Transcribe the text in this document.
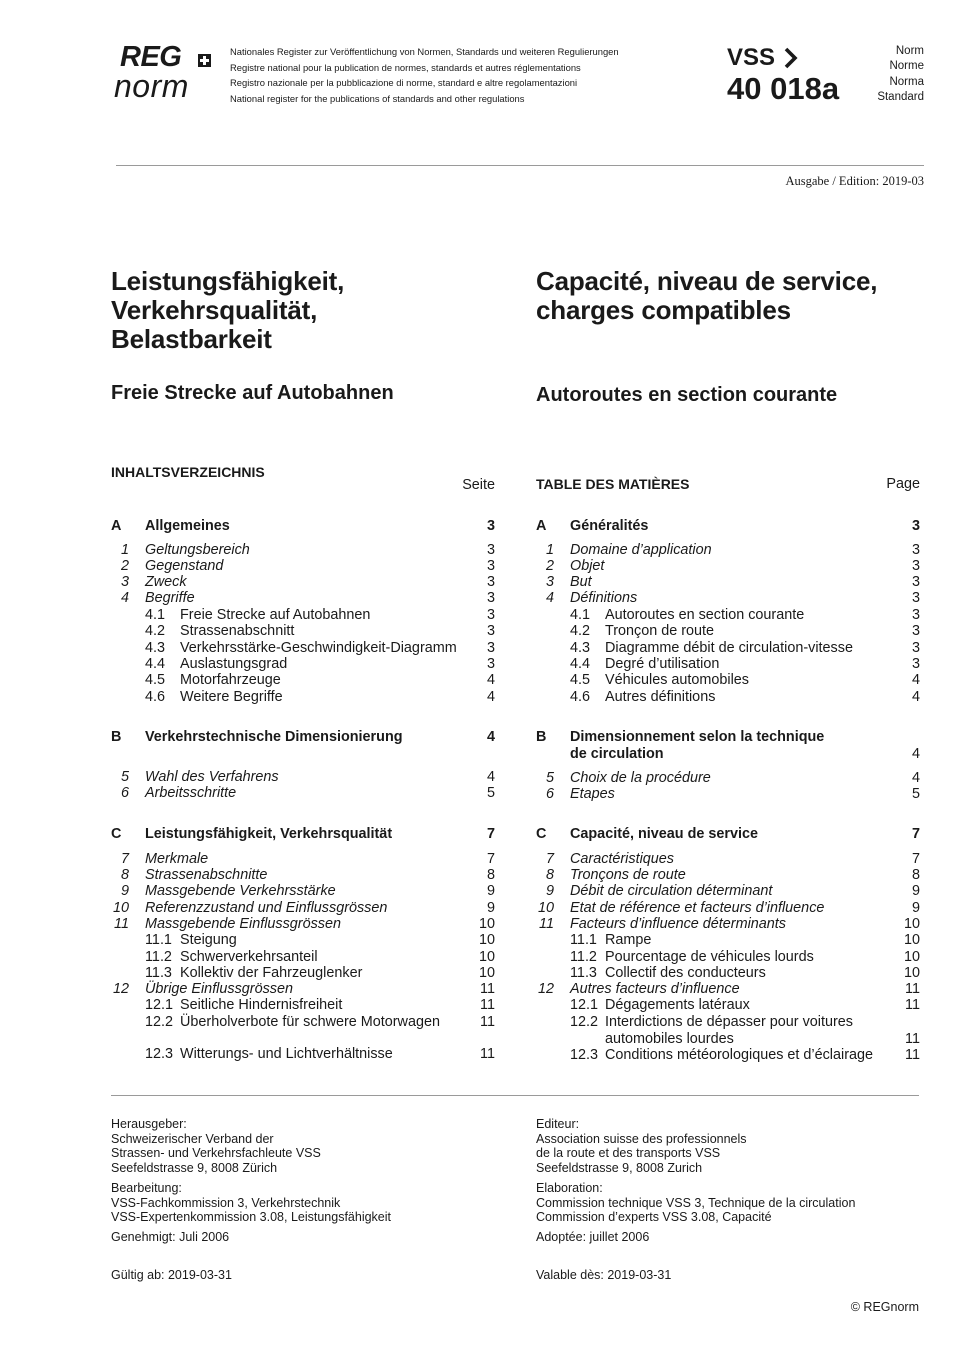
REG
norm
Nationales Register zur Veröffentlichung von Normen, Standards und weiteren Regulierungen
Registre national pour la publication de normes, standards et autres réglementations
Registro nazionale per la pubblicazione di norme, standard e altre regolamentazioni
National register for the publications of standards and other regulations
VSS
40 018a
Norm
Norme
Norma
Standard
Ausgabe / Edition: 2019-03
Leistungsfähigkeit,
Verkehrsqualität,
Belastbarkeit
Capacité, niveau de service,
charges compatibles
Freie Strecke auf Autobahnen	Autoroutes en section courante
INHALTSVERZEICHNIS
Seite
A Allgemeines	3
1 Geltungsbereich	3
2 Gegenstand	3
3 Zweck	3
4 Begriffe	3
4.1 Freie Strecke auf Autobahnen	3
4.2 Strassenabschnitt	3
4.3 Verkehrsstärke-Geschwindigkeit-Diagramm 3
4.4 Auslastungsgrad	3
4.5 Motorfahrzeuge	4
4.6 Weitere Begriffe	4
B Verkehrstechnische Dimensionierung	4
5 Wahl des Verfahrens	4
6 Arbeitsschritte	5
C Leistungsfähigkeit, Verkehrsqualität	7
7 Merkmale	7
8 Strassenabschnitte	8
9 Massgebende Verkehrsstärke	9
10 Referenzzustand und Einflussgrössen	9
11 Massgebende Einflussgrössen	10
11.1 Steigung	10
11.2 Schwerverkehrsanteil	10
11.3 Kollektiv der Fahrzeuglenker	10
12 Übrige Einflussgrössen	11
12.1 Seitliche Hindernisfreiheit	11
12.2 Überholverbote für schwere Motorwagen	11
12.3 Witterungs- und Lichtverhältnisse	11
TABLE DES MATIÈRES	Page
A Généralités	3
1 Domaine d’application	3
2 Objet	3
3 But	3
4 Définitions	3
4.1 Autoroutes en section courante	3
4.2 Tronçon de route	3
4.3 Diagramme débit de circulation-vitesse	3
4.4 Degré d’utilisation	3
4.5 Véhicules automobiles	4
4.6 Autres définitions	4
B Dimensionnement selon la technique
de circulation	4
5 Choix de la procédure	4
6 Etapes	5
C Capacité, niveau de service	7
7 Caractéristiques	7
8 Tronçons de route	8
9 Débit de circulation déterminant	9
10 Etat de référence et facteurs d’influence	9
11 Facteurs d’influence déterminants	10
11.1 Rampe	10
11.2 Pourcentage de véhicules lourds	10
11.3 Collectif des conducteurs	10
12 Autres facteurs d’influence	11
12.1 Dégagements latéraux	11
12.2 Interdictions de dépasser pour voitures
automobiles lourdes	11
12.3 Conditions météorologiques et d’éclairage 11
Herausgeber:
Schweizerischer Verband der
Strassen- und Verkehrsfachleute VSS
Seefeldstrasse 9, 8008 Zürich
Bearbeitung:
VSS-Fachkommission 3, Verkehrstechnik
VSS-Expertenkommission 3.08, Leistungsfähigkeit
Genehmigt: Juli 2006
Gültig ab: 2019-03-31
Editeur:
Association suisse des professionnels
de la route et des transports VSS
Seefeldstrasse 9, 8008 Zurich
Elaboration:
Commission technique VSS 3, Technique de la circulation
Commission d’experts VSS 3.08, Capacité
Adoptée: juillet 2006
Valable dès: 2019-03-31
© REGnorm
